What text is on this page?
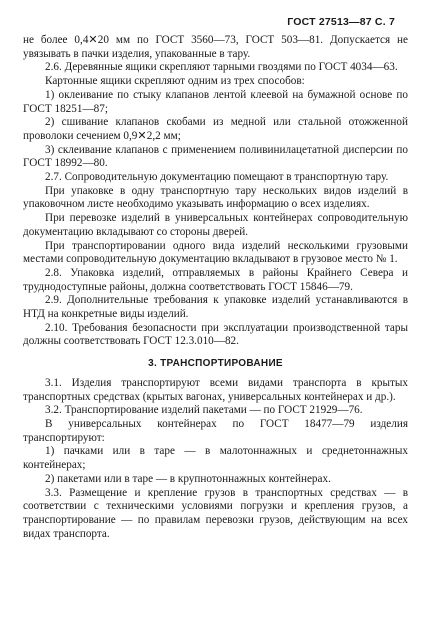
ГОСТ 27513—87 С. 7

не более 0,4✕20 мм по ГОСТ 3560—73, ГОСТ 503—81. Допускается не увязывать в пачки изделия, упакованные в тару.

2.6. Деревянные ящики скрепляют тарными гвоздями по ГОСТ 4034—63.

Картонные ящики скрепляют одним из трех способов:

1) оклеивание по стыку клапанов лентой клеевой на бумажной основе по ГОСТ 18251—87;

2) сшивание клапанов скобами из медной или стальной отожженной проволоки сечением 0,9✕2,2 мм;

3) склеивание клапанов с применением поливинилацетатной дисперсии по ГОСТ 18992—80.

2.7. Сопроводительную документацию помещают в транспортную тару.

При упаковке в одну транспортную тару нескольких видов изделий в упаковочном листе необходимо указывать информацию о всех изделиях.

При перевозке изделий в универсальных контейнерах сопроводительную документацию вкладывают со стороны дверей.

При транспортировании одного вида изделий несколькими грузовыми местами сопроводительную документацию вкладывают в грузовое место № 1.

2.8. Упаковка изделий, отправляемых в районы Крайнего Севера и труднодоступные районы, должна соответствовать ГОСТ 15846—79.

2.9. Дополнительные требования к упаковке изделий устанавливаются в НТД на конкретные виды изделий.

2.10. Требования безопасности при эксплуатации производственной тары должны соответствовать ГОСТ 12.3.010—82.

3. ТРАНСПОРТИРОВАНИЕ

3.1. Изделия транспортируют всеми видами транспорта в крытых транспортных средствах (крытых вагонах, универсальных контейнерах и др.).

3.2. Транспортирование изделий пакетами — по ГОСТ 21929—76.

В универсальных контейнерах по ГОСТ 18477—79 изделия транспортируют:

1) пачками или в таре — в малотоннажных и среднетоннажных контейнерах;

2) пакетами или в таре — в крупнотоннажных контейнерах.

3.3. Размещение и крепление грузов в транспортных средствах — в соответствии с техническими условиями погрузки и крепления грузов, а транспортирование — по правилам перевозки грузов, действующим на всех видах транспорта.
